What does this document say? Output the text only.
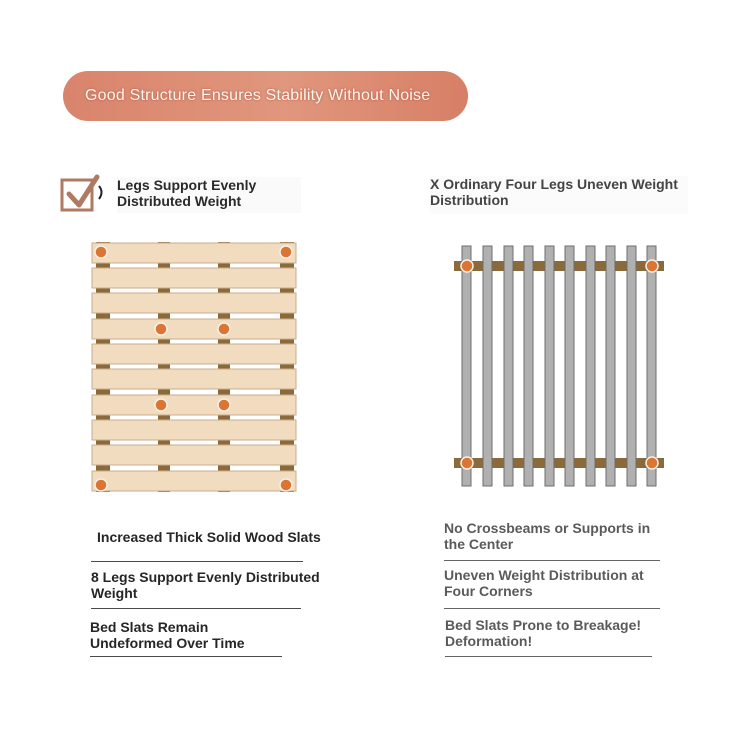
Good Structure Ensures Stability Without Noise
Legs Support Evenly Distributed Weight
X Ordinary Four Legs Uneven Weight Distribution
Increased Thick Solid Wood Slats
8 Legs Support Evenly Distributed Weight
Bed Slats Remain Undeformed Over Time
No Crossbeams or Supports in the Center
Uneven Weight Distribution at Four Corners
Bed Slats Prone to Breakage! Deformation!
